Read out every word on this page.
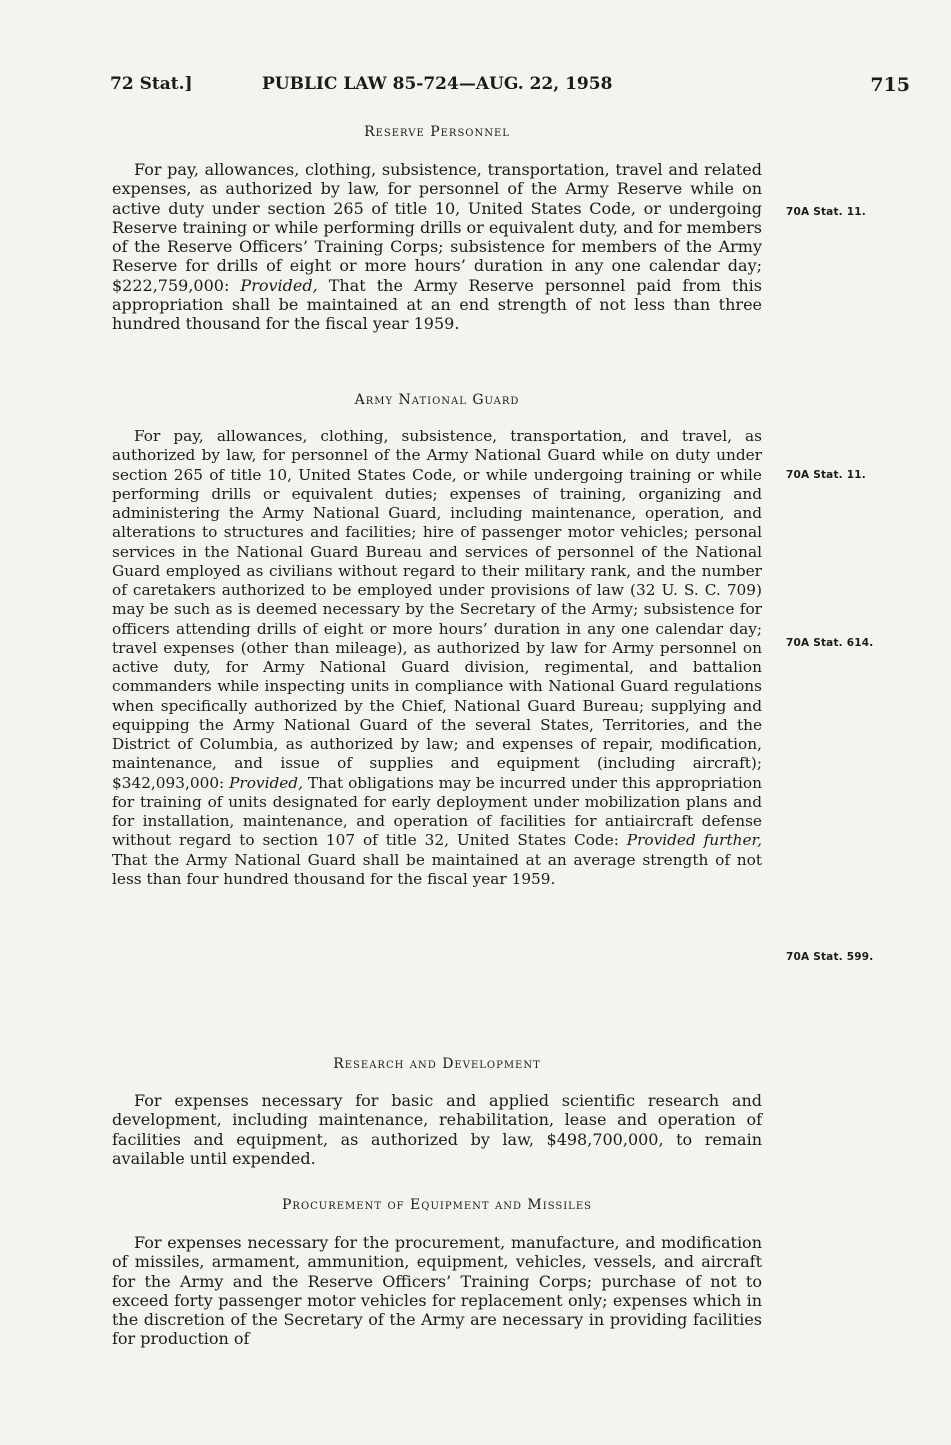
72 Stat.]	PUBLIC LAW 85-724—AUG. 22, 1958	715
Reserve Personnel

For pay, allowances, clothing, subsistence, transportation, travel and related expenses, as authorized by law, for personnel of the Army Reserve while on active duty under section 265 of title 10, United States Code, or undergoing Reserve training or while performing drills or equivalent duty, and for members of the Reserve Officers’ Training Corps; subsistence for members of the Army Reserve for drills of eight or more hours’ duration in any one calendar day; $222,759,000: Provided, That the Army Reserve personnel paid from this appropriation shall be maintained at an end strength of not less than three hundred thousand for the fiscal year 1959.

70A Stat. 11.
Army National Guard

For pay, allowances, clothing, subsistence, transportation, and travel, as authorized by law, for personnel of the Army National Guard while on duty under section 265 of title 10, United States Code, or while undergoing training or while performing drills or equivalent duties; expenses of training, organizing and administering the Army National Guard, including maintenance, operation, and alterations to structures and facilities; hire of passenger motor vehicles; personal services in the National Guard Bureau and services of personnel of the National Guard employed as civilians without regard to their military rank, and the number of caretakers authorized to be employed under provisions of law (32 U. S. C. 709) may be such as is deemed necessary by the Secretary of the Army; subsistence for officers attending drills of eight or more hours’ duration in any one calendar day; travel expenses (other than mileage), as authorized by law for Army personnel on active duty, for Army National Guard division, regimental, and battalion commanders while inspecting units in compliance with National Guard regulations when specifically authorized by the Chief, National Guard Bureau; supplying and equipping the Army National Guard of the several States, Territories, and the District of Columbia, as authorized by law; and expenses of repair, modification, maintenance, and issue of supplies and equipment (including aircraft); $342,093,000: Provided, That obligations may be incurred under this appropriation for training of units designated for early deployment under mobilization plans and for installation, maintenance, and operation of facilities for antiaircraft defense without regard to section 107 of title 32, United States Code: Provided further, That the Army National Guard shall be maintained at an average strength of not less than four hundred thousand for the fiscal year 1959.

70A Stat. 11.
70A Stat. 614.
70A Stat. 599.
Research and Development

For expenses necessary for basic and applied scientific research and development, including maintenance, rehabilitation, lease and operation of facilities and equipment, as authorized by law, $498,700,000, to remain available until expended.

Procurement of Equipment and Missiles

For expenses necessary for the procurement, manufacture, and modification of missiles, armament, ammunition, equipment, vehicles, vessels, and aircraft for the Army and the Reserve Officers’ Training Corps; purchase of not to exceed forty passenger motor vehicles for replacement only; expenses which in the discretion of the Secretary of the Army are necessary in providing facilities for production of
